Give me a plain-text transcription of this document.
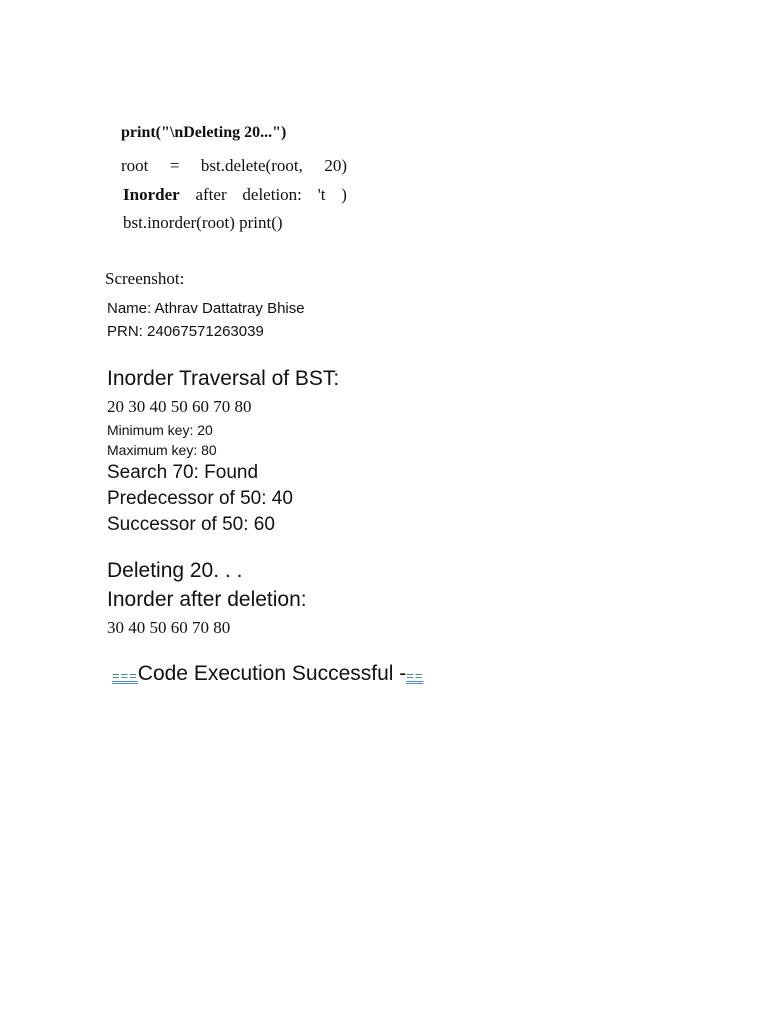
print("\nDeleting 20...")
root = bst.delete(root, 20)
Inorder after deletion: 't )
bst.inorder(root) print()
Screenshot:
Name: Athrav Dattatray Bhise
PRN: 24067571263039
Inorder Traversal of BST:
20 30 40 50 60 70 80
Minimum key: 20
Maximum key: 80
Search 70: Found
Predecessor of 50: 40
Successor of 50: 60
Deleting 20. . .
Inorder after deletion:
30 40 50 60 70 80
===Code Execution Successful -==
